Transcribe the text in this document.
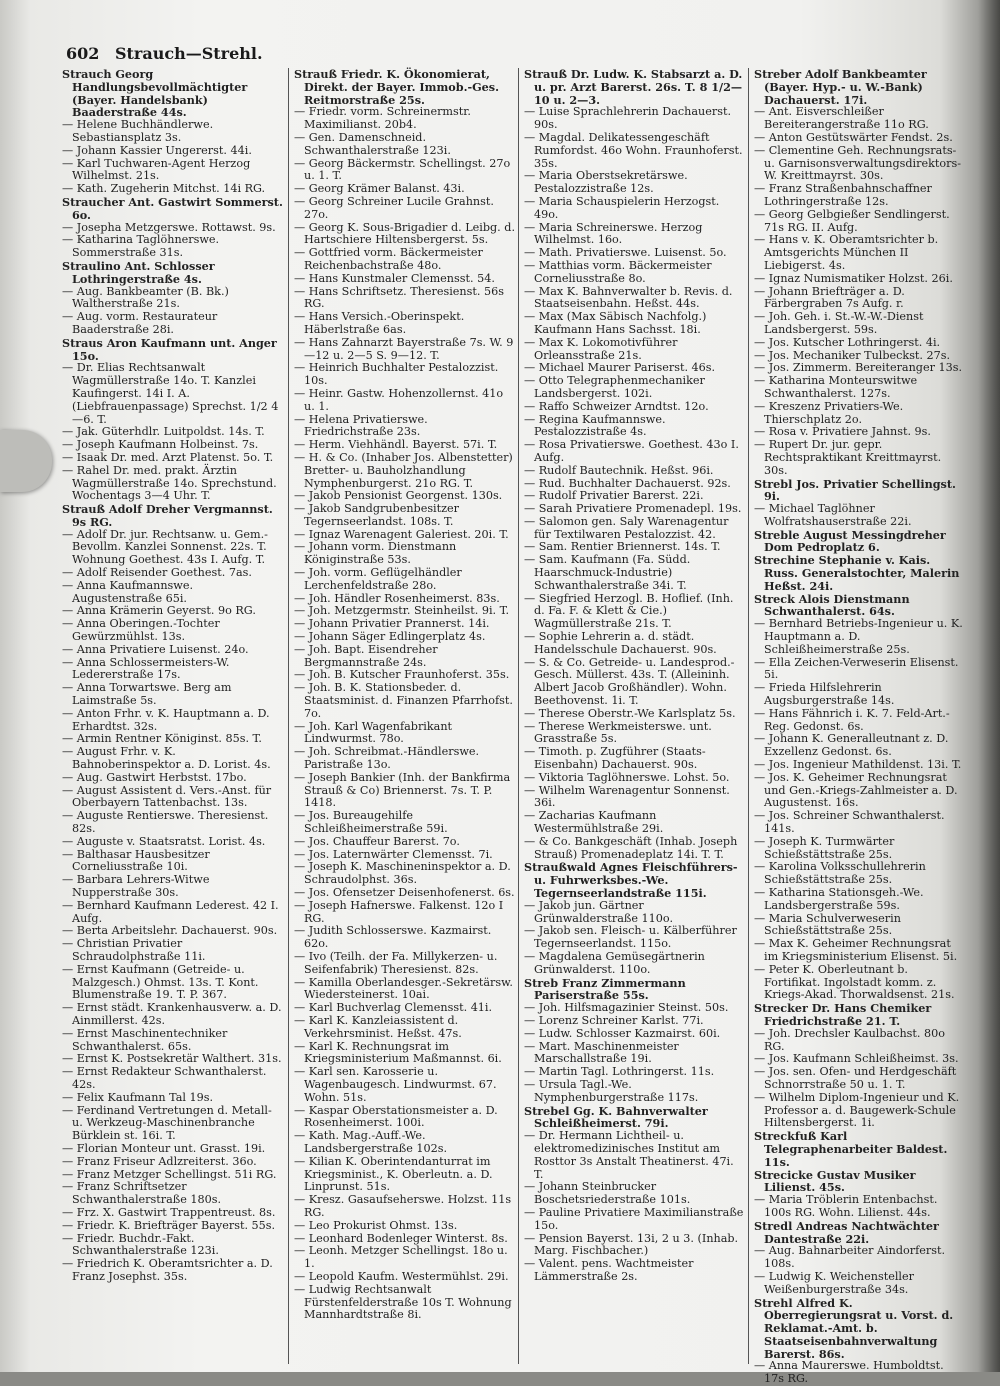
602 Strauch—Strehl.

Strauch Georg Handlungsbevollmächtigter (Bayer. Handelsbank) Baaderstraße 44s.

— Helene Buchhändlerwe. Sebastiansplatz 3s.

— Johann Kassier Ungererst. 44i.

— Karl Tuchwaren-Agent Herzog Wilhelmst. 21s.

— Kath. Zugeherin Mitchst. 14i RG.

Straucher Ant. Gastwirt Sommerst. 6o.

— Josepha Metzgerswe. Rottawst. 9s.

— Katharina Taglöhnerswe. Sommerstraße 31s.

Straulino Ant. Schlosser Lothringerstraße 4s.

— Aug. Bankbeamter (B. Bk.) Waltherstraße 21s.

— Aug. vorm. Restaurateur Baaderstraße 28i.

Straus Aron Kaufmann unt. Anger 15o.

— Dr. Elias Rechtsanwalt Wagmüllerstraße 14o. T. Kanzlei Kaufingerst. 14i I. A. (Liebfrauenpassage) Sprechst. 1/2 4—6. T.

— Jak. Güterhdlr. Luitpoldst. 14s. T.

— Joseph Kaufmann Holbeinst. 7s.

— Isaak Dr. med. Arzt Platenst. 5o. T.

— Rahel Dr. med. prakt. Ärztin Wagmüllerstraße 14o. Sprechstund. Wochentags 3—4 Uhr. T.

Strauß Adolf Dreher Vergmannst. 9s RG.

— Adolf Dr. jur. Rechtsanw. u. Gem.-Bevollm. Kanzlei Sonnenst. 22s. T. Wohnung Goethest. 43s I. Aufg. T.

— Adolf Reisender Goethest. 7as.

— Anna Kaufmannswe. Augustenstraße 65i.

— Anna Krämerin Geyerst. 9o RG.

— Anna Oberingen.-Tochter Gewürzmühlst. 13s.

— Anna Privatiere Luisenst. 24o.

— Anna Schlossermeisters-W. Ledererstraße 17s.

— Anna Torwartswe. Berg am Laimstraße 5s.

— Anton Frhr. v. K. Hauptmann a. D. Erhardtst. 32s.

— Armin Rentner Königinst. 85s. T.

— August Frhr. v. K. Bahnoberinspektor a. D. Lorist. 4s.

— Aug. Gastwirt Herbstst. 17bo.

— August Assistent d. Vers.-Anst. für Oberbayern Tattenbachst. 13s.

— Auguste Rentierswe. Theresienst. 82s.

— Auguste v. Staatsratst. Lorist. 4s.

— Balthasar Hausbesitzer Corneliusstraße 10i.

— Barbara Lehrers-Witwe Nupperstraße 30s.

— Bernhard Kaufmann Lederest. 42 I. Aufg.

— Berta Arbeitslehr. Dachauerst. 90s.

— Christian Privatier Schraudolphstraße 11i.

— Ernst Kaufmann (Getreide- u. Malzgesch.) Ohmst. 13s. T. Kont. Blumenstraße 19. T. P. 367.

— Ernst städt. Krankenhausverw. a. D. Ainmillerst. 42s.

— Ernst Maschinentechniker Schwanthalerst. 65s.

— Ernst K. Postsekretär Walthert. 31s.

— Ernst Redakteur Schwanthalerst. 42s.

— Felix Kaufmann Tal 19s.

— Ferdinand Vertretungen d. Metall- u. Werkzeug-Maschinenbranche Bürklein st. 16i. T.

— Florian Monteur unt. Grasst. 19i.

— Franz Friseur Adlzreiterst. 36o.

— Franz Metzger Schellingst. 51i RG.

— Franz Schriftsetzer Schwanthalerstraße 180s.

— Frz. X. Gastwirt Trappentreust. 8s.

— Friedr. K. Briefträger Bayerst. 55s.

— Friedr. Buchdr.-Fakt. Schwanthalerstraße 123i.

— Friedrich K. Oberamtsrichter a. D. Franz Josephst. 35s.

Strauß Friedr. K. Ökonomierat, Direkt. der Bayer. Immob.-Ges. Reitmorstraße 25s.

— Friedr. vorm. Schreinermstr. Maximilianst. 20b4.

— Gen. Damenschneid. Schwanthalerstraße 123i.

— Georg Bäckermstr. Schellingst. 27o u. 1. T.

— Georg Krämer Balanst. 43i.

— Georg Schreiner Lucile Grahnst. 27o.

— Georg K. Sous-Brigadier d. Leibg. d. Hartschiere Hiltensbergerst. 5s.

— Gottfried vorm. Bäckermeister Reichenbachstraße 48o.

— Hans Kunstmaler Clemensst. 54.

— Hans Schriftsetz. Theresienst. 56s RG.

— Hans Versich.-Oberinspekt. Häberlstraße 6as.

— Hans Zahnarzt Bayerstraße 7s. W. 9—12 u. 2—5 S. 9—12. T.

— Heinrich Buchhalter Pestalozzist. 10s.

— Heinr. Gastw. Hohenzollernst. 41o u. 1.

— Helena Privatierswe. Friedrichstraße 23s.

— Herm. Viehhändl. Bayerst. 57i. T.

— H. & Co. (Inhaber Jos. Albenstetter) Bretter- u. Bauholzhandlung Nymphenburgerst. 21o RG. T.

— Jakob Pensionist Georgenst. 130s.

— Jakob Sandgrubenbesitzer Tegernseerlandst. 108s. T.

— Ignaz Warenagent Galeriest. 20i. T.

— Johann vorm. Dienstmann Königinstraße 53s.

— Joh. vorm. Geflügelhändler Lerchenfeldstraße 28o.

— Joh. Händler Rosenheimerst. 83s.

— Joh. Metzgermstr. Steinheilst. 9i. T.

— Johann Privatier Prannerst. 14i.

— Johann Säger Edlingerplatz 4s.

— Joh. Bapt. Eisendreher Bergmannstraße 24s.

— Joh. B. Kutscher Fraunhoferst. 35s.

— Joh. B. K. Stationsbeder. d. Staatsminist. d. Finanzen Pfarrhofst. 7o.

— Joh. Karl Wagenfabrikant Lindwurmst. 78o.

— Joh. Schreibmat.-Händlerswe. Paristraße 13o.

— Joseph Bankier (Inh. der Bankfirma Strauß & Co) Briennerst. 7s. T. P. 1418.

— Jos. Bureaugehilfe Schleißheimerstraße 59i.

— Jos. Chauffeur Barerst. 7o.

— Jos. Laternwärter Clemensst. 7i.

— Joseph K. Maschineninspektor a. D. Schraudolphst. 36s.

— Jos. Ofensetzer Deisenhofenerst. 6s.

— Joseph Hafnerswe. Falkenst. 12o I RG.

— Judith Schlosserswe. Kazmairst. 62o.

— Ivo (Teilh. der Fa. Millykerzen- u. Seifenfabrik) Theresienst. 82s.

— Kamilla Oberlandesger.-Sekretärsw. Wiedersteinerst. 10ai.

— Karl Buchverlag Clemensst. 41i.

— Karl K. Kanzleiassistent d. Verkehrsminist. Heßst. 47s.

— Karl K. Rechnungsrat im Kriegsministerium Maßmannst. 6i.

— Karl sen. Karosserie u. Wagenbaugesch. Lindwurmst. 67. Wohn. 51s.

— Kaspar Oberstationsmeister a. D. Rosenheimerst. 100i.

— Kath. Mag.-Auff.-We. Landsbergerstraße 102s.

— Kilian K. Oberintendanturrat im Kriegsminist., K. Oberleutn. a. D. Linprunst. 51s.

— Kresz. Gasaufseherswe. Holzst. 11s RG.

— Leo Prokurist Ohmst. 13s.

— Leonhard Bodenleger Winterst. 8s.

— Leonh. Metzger Schellingst. 18o u. 1.

— Leopold Kaufm. Westermühlst. 29i.

— Ludwig Rechtsanwalt Fürstenfelderstraße 10s T. Wohnung Mannhardtstraße 8i.

Strauß Dr. Ludw. K. Stabsarzt a. D. u. pr. Arzt Barerst. 26s. T. 8 1/2—10 u. 2—3.

— Luise Sprachlehrerin Dachauerst. 90s.

— Magdal. Delikatessengeschäft Rumfordst. 46o Wohn. Fraunhoferst. 35s.

— Maria Oberstsekretärswe. Pestalozzistraße 12s.

— Maria Schauspielerin Herzogst. 49o.

— Maria Schreinerswe. Herzog Wilhelmst. 16o.

— Math. Privatierswe. Luisenst. 5o.

— Matthias vorm. Bäckermeister Corneliusstraße 8o.

— Max K. Bahnverwalter b. Revis. d. Staatseisenbahn. Heßst. 44s.

— Max (Max Säbisch Nachfolg.) Kaufmann Hans Sachsst. 18i.

— Max K. Lokomotivführer Orleansstraße 21s.

— Michael Maurer Pariserst. 46s.

— Otto Telegraphenmechaniker Landsbergerst. 102i.

— Raffo Schweizer Arndtst. 12o.

— Regina Kaufmannswe. Pestalozzistraße 4s.

— Rosa Privatierswe. Goethest. 43o I. Aufg.

— Rudolf Bautechnik. Heßst. 96i.

— Rud. Buchhalter Dachauerst. 92s.

— Rudolf Privatier Barerst. 22i.

— Sarah Privatiere Promenadepl. 19s.

— Salomon gen. Saly Warenagentur für Textilwaren Pestalozzist. 42.

— Sam. Rentier Briennerst. 14s. T.

— Sam. Kaufmann (Fa. Südd. Haarschmuck-Industrie) Schwanthalerstraße 34i. T.

— Siegfried Herzogl. B. Hoflief. (Inh. d. Fa. F. & Klett & Cie.) Wagmüllerstraße 21s. T.

— Sophie Lehrerin a. d. städt. Handelsschule Dachauerst. 90s.

— S. & Co. Getreide- u. Landesprod.-Gesch. Müllerst. 43s. T. (Alleininh. Albert Jacob Großhändler). Wohn. Beethovenst. 1i. T.

— Therese Oberstr.-We Karlsplatz 5s.

— Therese Werkmeisterswe. unt. Grasstraße 5s.

— Timoth. p. Zugführer (Staats-Eisenbahn) Dachauerst. 90s.

— Viktoria Taglöhnerswe. Lohst. 5o.

— Wilhelm Warenagentur Sonnenst. 36i.

— Zacharias Kaufmann Westermühlstraße 29i.

— & Co. Bankgeschäft (Inhab. Joseph Strauß) Promenadeplatz 14i. T. T.

Straußwald Agnes Fleischführers-u. Fuhrwerksbes.-We. Tegernseerlandstraße 115i.

— Jakob jun. Gärtner Grünwalderstraße 110o.

— Jakob sen. Fleisch- u. Kälberführer Tegernseerlandst. 115o.

— Magdalena Gemüsegärtnerin Grünwalderst. 110o.

Streb Franz Zimmermann Pariserstraße 55s.

— Joh. Hilfsmagazinier Steinst. 50s.

— Lorenz Schreiner Karlst. 77i.

— Ludw. Schlosser Kazmairst. 60i.

— Mart. Maschinenmeister Marschallstraße 19i.

— Martin Tagl. Lothringerst. 11s.

— Ursula Tagl.-We. Nymphenburgerstraße 117s.

Strebel Gg. K. Bahnverwalter Schleißheimerst. 79i.

— Dr. Hermann Lichtheil- u. elektromedizinisches Institut am Rosttor 3s Anstalt Theatinerst. 47i. T.

— Johann Steinbrucker Boschetsriederstraße 101s.

— Pauline Privatiere Maximilianstraße 15o.

— Pension Bayerst. 13i, 2 u 3. (Inhab. Marg. Fischbacher.)

— Valent. pens. Wachtmeister Lämmerstraße 2s.

Streber Adolf Bankbeamter (Bayer. Hyp.- u. W.-Bank) Dachauerst. 17i.

— Ant. Eisverschleißer Bereiterangerstraße 11o RG.

— Anton Gestütswärter Fendst. 2s.

— Clementine Geh. Rechnungsrats- u. Garnisonsverwaltungsdirektors-W. Kreittmayrst. 30s.

— Franz Straßenbahnschaffner Lothringerstraße 12s.

— Georg Gelbgießer Sendlingerst. 71s RG. II. Aufg.

— Hans v. K. Oberamtsrichter b. Amtsgerichts München II Liebigerst. 4s.

— Ignaz Numismatiker Holzst. 26i.

— Johann Briefträger a. D. Färbergraben 7s Aufg. r.

— Joh. Geh. i. St.-W.-W.-Dienst Landsbergerst. 59s.

— Jos. Kutscher Lothringerst. 4i.

— Jos. Mechaniker Tulbeckst. 27s.

— Jos. Zimmerm. Bereiteranger 13s.

— Katharina Monteurswitwe Schwanthalerst. 127s.

— Kreszenz Privatiers-We. Thierschplatz 2o.

— Rosa v. Privatiere Jahnst. 9s.

— Rupert Dr. jur. gepr. Rechtspraktikant Kreittmayrst. 30s.

Strebl Jos. Privatier Schellingst. 9i.

— Michael Taglöhner Wolfratshauserstraße 22i.

Streble August Messingdreher Dom Pedroplatz 6.

Strechine Stephanie v. Kais. Russ. Generalstochter, Malerin Heßst. 24i.

Streck Alois Dienstmann Schwanthalerst. 64s.

— Bernhard Betriebs-Ingenieur u. K. Hauptmann a. D. Schleißheimerstraße 25s.

— Ella Zeichen-Verweserin Elisenst. 5i.

— Frieda Hilfslehrerin Augsburgerstraße 14s.

— Hans Fähnrich i. K. 7. Feld-Art.-Reg. Gedonst. 6s.

— Johann K. Generalleutnant z. D. Exzellenz Gedonst. 6s.

— Jos. Ingenieur Mathildenst. 13i. T.

— Jos. K. Geheimer Rechnungsrat und Gen.-Kriegs-Zahlmeister a. D. Augustenst. 16s.

— Jos. Schreiner Schwanthalerst. 141s.

— Joseph K. Turmwärter Schießstättstraße 25s.

— Karolina Volksschullehrerin Schießstättstraße 25s.

— Katharina Stationsgeh.-We. Landsbergerstraße 59s.

— Maria Schulverweserin Schießstättstraße 25s.

— Max K. Geheimer Rechnungsrat im Kriegsministerium Elisenst. 5i.

— Peter K. Oberleutnant b. Fortifikat. Ingolstadt komm. z. Kriegs-Akad. Thorwaldsenst. 21s.

Strecker Dr. Hans Chemiker Friedrichstraße 21. T.

— Joh. Drechsler Kaulbachst. 80o RG.

— Jos. Kaufmann Schleißheimst. 3s.

— Jos. sen. Ofen- und Herdgeschäft Schnorrstraße 50 u. 1. T.

— Wilhelm Diplom-Ingenieur und K. Professor a. d. Baugewerk-Schule Hiltensbergerst. 1i.

Streckfuß Karl Telegraphenarbeiter Baldest. 11s.

Strecicke Gustav Musiker Lilienst. 45s.

— Maria Tröblerin Entenbachst. 100s RG. Wohn. Lilienst. 44s.

Stredl Andreas Nachtwächter Dantestraße 22i.

— Aug. Bahnarbeiter Aindorferst. 108s.

— Ludwig K. Weichensteller Weißenburgerstraße 34s.

Strehl Alfred K. Oberregierungsrat u. Vorst. d. Reklamat.-Amt. b. Staatseisenbahnverwaltung Barerst. 86s.

— Anna Maurerswe. Humboldtst. 17s RG.
